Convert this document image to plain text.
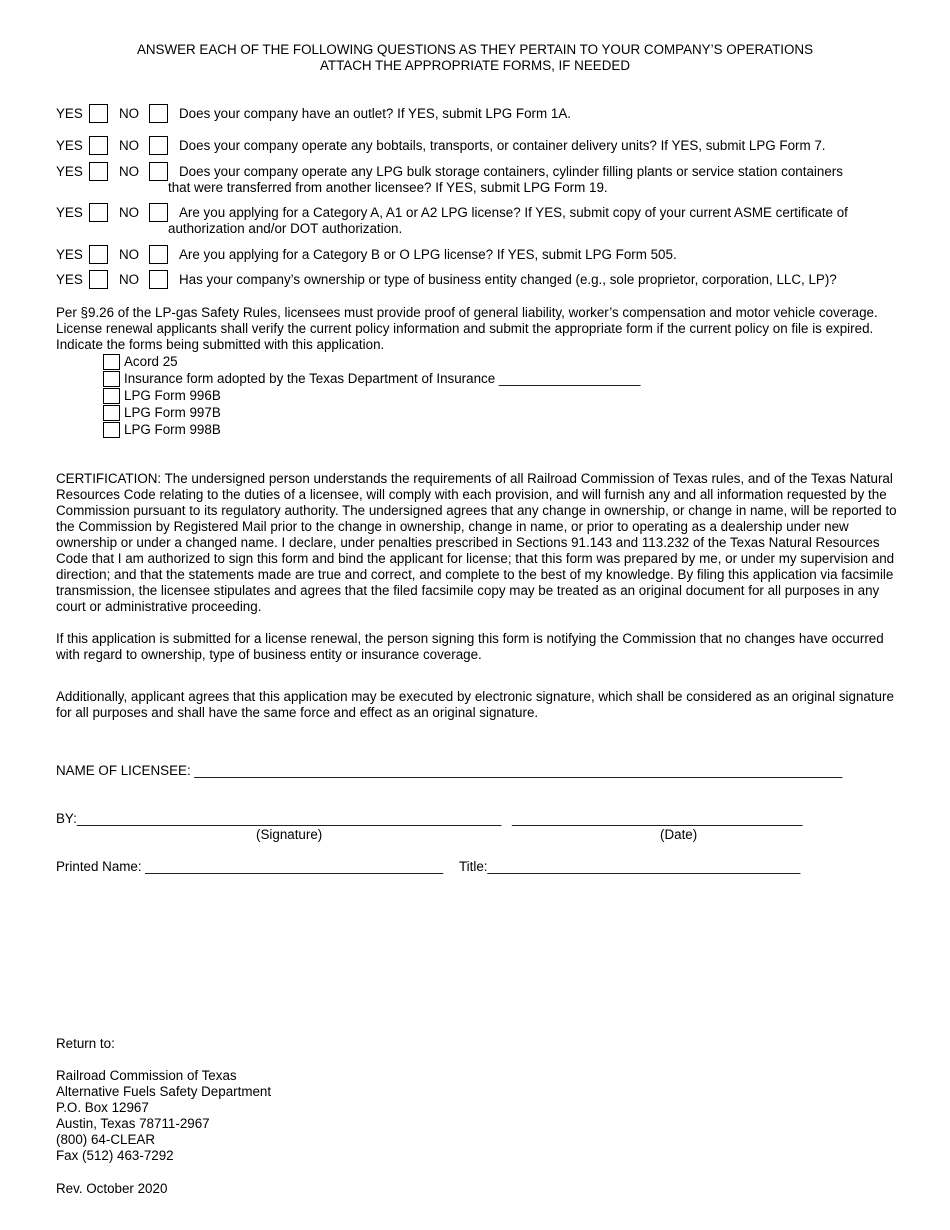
ANSWER EACH OF THE FOLLOWING QUESTIONS AS THEY PERTAIN TO YOUR COMPANY’S OPERATIONS
ATTACH THE APPROPRIATE FORMS, IF NEEDED
YES	NO	Does your company have an outlet? If YES, submit LPG Form 1A.
YES	NO	Does your company operate any bobtails, transports, or container delivery units? If YES, submit LPG Form 7.
YES	NO	Does your company operate any LPG bulk storage containers, cylinder filling plants or service station containers
that were transferred from another licensee? If YES, submit LPG Form 19.
YES	NO	Are you applying for a Category A, A1 or A2 LPG license? If YES, submit copy of your current ASME certificate of
authorization and/or DOT authorization.
YES	NO	Are you applying for a Category B or O LPG license? If YES, submit LPG Form 505.
YES	NO	Has your company’s ownership or type of business entity changed (e.g., sole proprietor, corporation, LLC, LP)?
Per §9.26 of the LP-gas Safety Rules, licensees must provide proof of general liability, worker’s compensation and motor vehicle coverage. License renewal applicants shall verify the current policy information and submit the appropriate form if the current policy on file is expired. Indicate the forms being submitted with this application.
Acord 25
Insurance form adopted by the Texas Department of Insurance ___________________
LPG Form 996B
LPG Form 997B
LPG Form 998B
CERTIFICATION: The undersigned person understands the requirements of all Railroad Commission of Texas rules, and of the Texas Natural Resources Code relating to the duties of a licensee, will comply with each provision, and will furnish any and all information requested by the Commission pursuant to its regulatory authority. The undersigned agrees that any change in ownership, or change in name, will be reported to the Commission by Registered Mail prior to the change in ownership, change in name, or prior to operating as a dealership under new ownership or under a changed name. I declare, under penalties prescribed in Sections 91.143 and 113.232 of the Texas Natural Resources Code that I am authorized to sign this form and bind the applicant for license; that this form was prepared by me, or under my supervision and direction; and that the statements made are true and correct, and complete to the best of my knowledge. By filing this application via facsimile transmission, the licensee stipulates and agrees that the filed facsimile copy may be treated as an original document for all purposes in any court or administrative proceeding.
If this application is submitted for a license renewal, the person signing this form is notifying the Commission that no changes have occurred with regard to ownership, type of business entity or insurance coverage.
Additionally, applicant agrees that this application may be executed by electronic signature, which shall be considered as an original signature for all purposes and shall have the same force and effect as an original signature.
NAME OF LICENSEE: _______________________________________________________________________________________
BY:_________________________________________________________ _______________________________________
(Signature)	(Date)
Printed Name: ________________________________________ Title:__________________________________________
Return to:
Railroad Commission of Texas
Alternative Fuels Safety Department
P.O. Box 12967
Austin, Texas 78711-2967
(800) 64-CLEAR
Fax (512) 463-7292
Rev. October 2020
